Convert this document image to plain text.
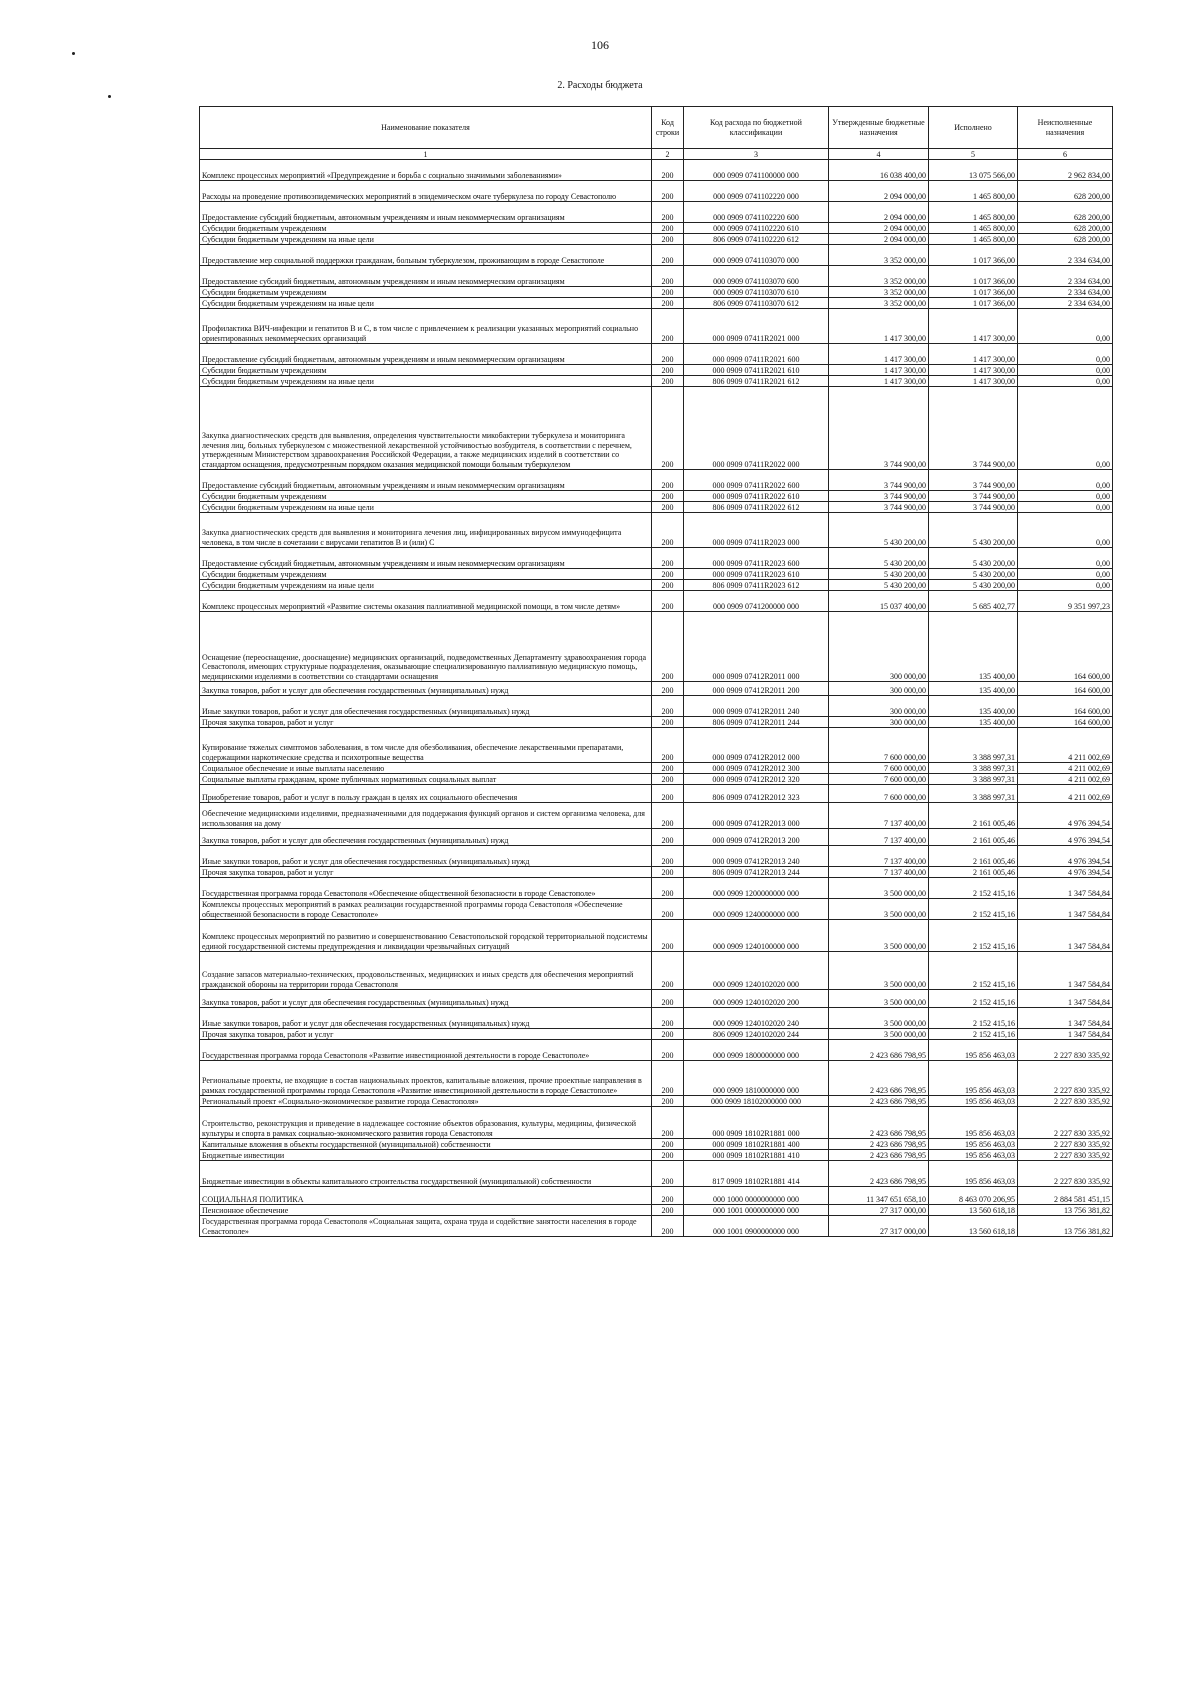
106
2. Расходы бюджета
Наименование показателя	Код строки	Код расхода по бюджетной классификации	Утвержденные бюджетные назначения	Исполнено	Неисполненные назначения
1	2	3	4	5	6
Комплекс процессных мероприятий «Предупреждение и борьба с социально значимыми заболеваниями»	200	000 0909 0741100000 000	16 038 400,00	13 075 566,00	2 962 834,00
Расходы на проведение противоэпидемических мероприятий в эпидемическом очаге туберкулеза по городу Севастополю	200	000 0909 0741102220 000	2 094 000,00	1 465 800,00	628 200,00
Предоставление субсидий бюджетным, автономным учреждениям и иным некоммерческим организациям	200	000 0909 0741102220 600	2 094 000,00	1 465 800,00	628 200,00
Субсидии бюджетным учреждениям	200	000 0909 0741102220 610	2 094 000,00	1 465 800,00	628 200,00
Субсидии бюджетным учреждениям на иные цели	200	806 0909 0741102220 612	2 094 000,00	1 465 800,00	628 200,00
Предоставление мер социальной поддержки гражданам, больным туберкулезом, проживающим в городе Севастополе	200	000 0909 0741103070 000	3 352 000,00	1 017 366,00	2 334 634,00
Предоставление субсидий бюджетным, автономным учреждениям и иным некоммерческим организациям	200	000 0909 0741103070 600	3 352 000,00	1 017 366,00	2 334 634,00
Субсидии бюджетным учреждениям	200	000 0909 0741103070 610	3 352 000,00	1 017 366,00	2 334 634,00
Субсидии бюджетным учреждениям на иные цели	200	806 0909 0741103070 612	3 352 000,00	1 017 366,00	2 334 634,00
Профилактика ВИЧ-инфекции и гепатитов В и С, в том числе с привлечением к реализации указанных мероприятий социально ориентированных некоммерческих организаций	200	000 0909 07411R2021 000	1 417 300,00	1 417 300,00	0,00
Предоставление субсидий бюджетным, автономным учреждениям и иным некоммерческим организациям	200	000 0909 07411R2021 600	1 417 300,00	1 417 300,00	0,00
Субсидии бюджетным учреждениям	200	000 0909 07411R2021 610	1 417 300,00	1 417 300,00	0,00
Субсидии бюджетным учреждениям на иные цели	200	806 0909 07411R2021 612	1 417 300,00	1 417 300,00	0,00
Закупка диагностических средств для выявления, определения чувствительности микобактерии туберкулеза и мониторинга лечения лиц, больных туберкулезом с множественной лекарственной устойчивостью возбудителя, в соответствии с перечнем, утвержденным Министерством здравоохранения Российской Федерации, а также медицинских изделий в соответствии со стандартом оснащения, предусмотренным порядком оказания медицинской помощи больным туберкулезом	200	000 0909 07411R2022 000	3 744 900,00	3 744 900,00	0,00
Предоставление субсидий бюджетным, автономным учреждениям и иным некоммерческим организациям	200	000 0909 07411R2022 600	3 744 900,00	3 744 900,00	0,00
Субсидии бюджетным учреждениям	200	000 0909 07411R2022 610	3 744 900,00	3 744 900,00	0,00
Субсидии бюджетным учреждениям на иные цели	200	806 0909 07411R2022 612	3 744 900,00	3 744 900,00	0,00
Закупка диагностических средств для выявления и мониторинга лечения лиц, инфицированных вирусом иммунодефицита человека, в том числе в сочетании с вирусами гепатитов В и (или) С	200	000 0909 07411R2023 000	5 430 200,00	5 430 200,00	0,00
Предоставление субсидий бюджетным, автономным учреждениям и иным некоммерческим организациям	200	000 0909 07411R2023 600	5 430 200,00	5 430 200,00	0,00
Субсидии бюджетным учреждениям	200	000 0909 07411R2023 610	5 430 200,00	5 430 200,00	0,00
Субсидии бюджетным учреждениям на иные цели	200	806 0909 07411R2023 612	5 430 200,00	5 430 200,00	0,00
Комплекс процессных мероприятий «Развитие системы оказания паллиативной медицинской помощи, в том числе детям»	200	000 0909 0741200000 000	15 037 400,00	5 685 402,77	9 351 997,23
Оснащение (переоснащение, дооснащение) медицинских организаций, подведомственных Департаменту здравоохранения города Севастополя, имеющих структурные подразделения, оказывающие специализированную паллиативную медицинскую помощь, медицинскими изделиями в соответствии со стандартами оснащения	200	000 0909 07412R2011 000	300 000,00	135 400,00	164 600,00
Закупка товаров, работ и услуг для обеспечения государственных (муниципальных) нужд	200	000 0909 07412R2011 200	300 000,00	135 400,00	164 600,00
Иные закупки товаров, работ и услуг для обеспечения государственных (муниципальных) нужд	200	000 0909 07412R2011 240	300 000,00	135 400,00	164 600,00
Прочая закупка товаров, работ и услуг	200	806 0909 07412R2011 244	300 000,00	135 400,00	164 600,00
Купирование тяжелых симптомов заболевания, в том числе для обезболивания, обеспечение лекарственными препаратами, содержащими наркотические средства и психотропные вещества	200	000 0909 07412R2012 000	7 600 000,00	3 388 997,31	4 211 002,69
Социальное обеспечение и иные выплаты населению	200	000 0909 07412R2012 300	7 600 000,00	3 388 997,31	4 211 002,69
Социальные выплаты гражданам, кроме публичных нормативных социальных выплат	200	000 0909 07412R2012 320	7 600 000,00	3 388 997,31	4 211 002,69
Приобретение товаров, работ и услуг в пользу граждан в целях их социального обеспечения	200	806 0909 07412R2012 323	7 600 000,00	3 388 997,31	4 211 002,69
Обеспечение медицинскими изделиями, предназначенными для поддержания функций органов и систем организма человека, для использования на дому	200	000 0909 07412R2013 000	7 137 400,00	2 161 005,46	4 976 394,54
Закупка товаров, работ и услуг для обеспечения государственных (муниципальных) нужд	200	000 0909 07412R2013 200	7 137 400,00	2 161 005,46	4 976 394,54
Иные закупки товаров, работ и услуг для обеспечения государственных (муниципальных) нужд	200	000 0909 07412R2013 240	7 137 400,00	2 161 005,46	4 976 394,54
Прочая закупка товаров, работ и услуг	200	806 0909 07412R2013 244	7 137 400,00	2 161 005,46	4 976 394,54
Государственная программа города Севастополя «Обеспечение общественной безопасности в городе Севастополе»	200	000 0909 1200000000 000	3 500 000,00	2 152 415,16	1 347 584,84
Комплексы процессных мероприятий в рамках реализации государственной программы города Севастополя «Обеспечение общественной безопасности в городе Севастополе»	200	000 0909 1240000000 000	3 500 000,00	2 152 415,16	1 347 584,84
Комплекс процессных мероприятий по развитию и совершенствованию Севастопольской городской территориальной подсистемы единой государственной системы предупреждения и ликвидации чрезвычайных ситуаций	200	000 0909 1240100000 000	3 500 000,00	2 152 415,16	1 347 584,84
Создание запасов материально-технических, продовольственных, медицинских и иных средств для обеспечения мероприятий гражданской обороны на территории города Севастополя	200	000 0909 1240102020 000	3 500 000,00	2 152 415,16	1 347 584,84
Закупка товаров, работ и услуг для обеспечения государственных (муниципальных) нужд	200	000 0909 1240102020 200	3 500 000,00	2 152 415,16	1 347 584,84
Иные закупки товаров, работ и услуг для обеспечения государственных (муниципальных) нужд	200	000 0909 1240102020 240	3 500 000,00	2 152 415,16	1 347 584,84
Прочая закупка товаров, работ и услуг	200	806 0909 1240102020 244	3 500 000,00	2 152 415,16	1 347 584,84
Государственная программа города Севастополя «Развитие инвестиционной деятельности в городе Севастополе»	200	000 0909 1800000000 000	2 423 686 798,95	195 856 463,03	2 227 830 335,92
Региональные проекты, не входящие в состав национальных проектов, капитальные вложения, прочие проектные направления в рамках государственной программы города Севастополя «Развитие инвестиционной деятельности в городе Севастополе»	200	000 0909 1810000000 000	2 423 686 798,95	195 856 463,03	2 227 830 335,92
Региональный проект «Социально-экономическое развитие города Севастополя»	200	000 0909 18102000000 000	2 423 686 798,95	195 856 463,03	2 227 830 335,92
Строительство, реконструкция и приведение в надлежащее состояние объектов образования, культуры, медицины, физической культуры и спорта в рамках социально-экономического развития города Севастополя	200	000 0909 18102R1881 000	2 423 686 798,95	195 856 463,03	2 227 830 335,92
Капитальные вложения в объекты государственной (муниципальной) собственности	200	000 0909 18102R1881 400	2 423 686 798,95	195 856 463,03	2 227 830 335,92
Бюджетные инвестиции	200	000 0909 18102R1881 410	2 423 686 798,95	195 856 463,03	2 227 830 335,92
Бюджетные инвестиции в объекты капитального строительства государственной (муниципальной) собственности	200	817 0909 18102R1881 414	2 423 686 798,95	195 856 463,03	2 227 830 335,92
СОЦИАЛЬНАЯ ПОЛИТИКА	200	000 1000 0000000000 000	11 347 651 658,10	8 463 070 206,95	2 884 581 451,15
Пенсионное обеспечение	200	000 1001 0000000000 000	27 317 000,00	13 560 618,18	13 756 381,82
Государственная программа города Севастополя «Социальная защита, охрана труда и содействие занятости населения в городе Севастополе»	200	000 1001 0900000000 000	27 317 000,00	13 560 618,18	13 756 381,82
